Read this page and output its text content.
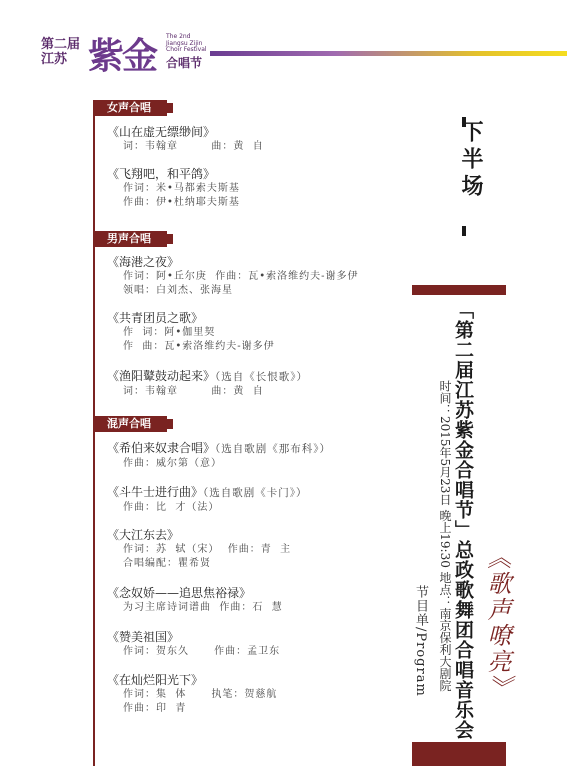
第二届
江苏 紫金 The 2nd
Jiangsu Zijin
Choir Festival
合唱节
女声合唱
《山在虚无缥缈间》
词：韦翰章        曲：黄  自
《飞翔吧，和平鸽》
作词：米•马都索夫斯基
作曲：伊•杜纳耶夫斯基
男声合唱
《海港之夜》
作词：阿•丘尔庚  作曲：瓦•索洛维约夫-谢多伊
领唱：白刘杰、张海星
《共青团员之歌》
作  词：阿•伽里契
作  曲：瓦•索洛维约夫-谢多伊
《渔阳鼙鼓动起来》（选自《长恨歌》）
词：韦翰章        曲：黄  自
混声合唱
《希伯来奴隶合唱》（选自歌剧《那布科》）
作曲：威尔第（意）
《斗牛士进行曲》（选自歌剧《卡门》）
作曲：比  才（法）
《大江东去》
作词：苏  轼（宋）  作曲：青  主
合唱编配：瞿希贤
《念奴娇——追思焦裕禄》
为习主席诗词谱曲  作曲：石  慧
《赞美祖国》
作词：贺东久      作曲：孟卫东
《在灿烂阳光下》
作词：集  体      执笔：贺慈航
作曲：印  青
下半场
「第二届江苏紫金合唱节」总政歌舞团合唱音乐会 《歌声嘹亮》
时间：2015年5月23日 晚上19:30 地点：南京保利大剧院
节目单/Program
